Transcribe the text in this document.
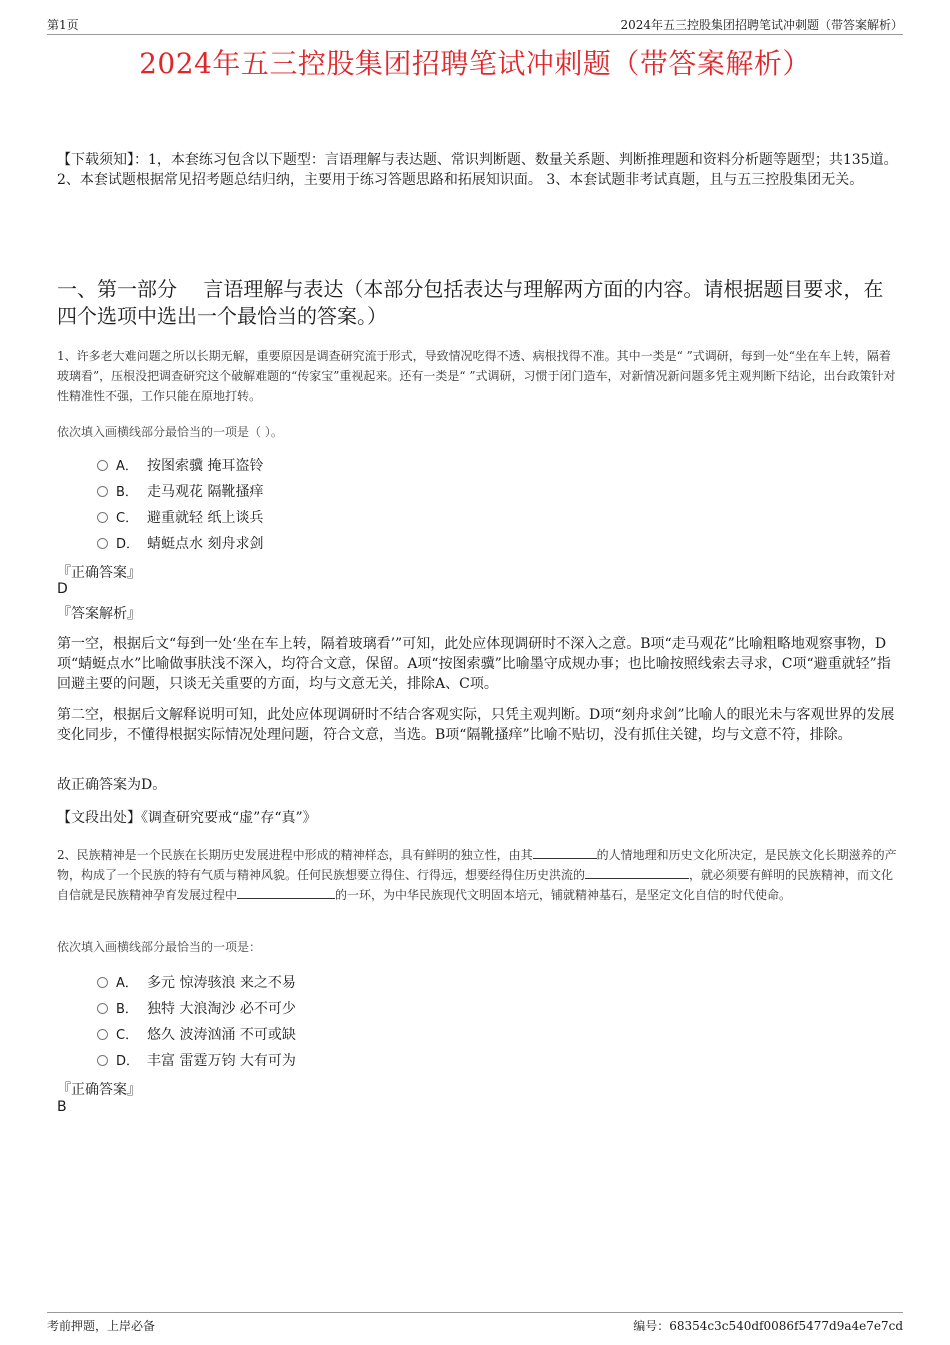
第1页	2024年五三控股集团招聘笔试冲刺题（带答案解析）
2024年五三控股集团招聘笔试冲刺题（带答案解析）
【下载须知】：1，本套练习包含以下题型：言语理解与表达题、常识判断题、数量关系题、判断推理题和资料分析题等题型；共135道。 2、本套试题根据常见招考题总结归纳，主要用于练习答题思路和拓展知识面。 3、本套试题非考试真题，且与五三控股集团无关。
一、第一部分　 言语理解与表达（本部分包括表达与理解两方面的内容。请根据题目要求，在四个选项中选出一个最恰当的答案。）
1、许多老大难问题之所以长期无解，重要原因是调查研究流于形式，导致情况吃得不透、病根找得不准。其中一类是“ ”式调研，每到一处“坐在车上转，隔着玻璃看”，压根没把调查研究这个破解难题的“传家宝”重视起来。还有一类是“ ”式调研，习惯于闭门造车，对新情况新问题多凭主观判断下结论，出台政策针对性精准性不强，工作只能在原地打转。
依次填入画横线部分最恰当的一项是（ ）。
A． 按图索骥 掩耳盗铃
B． 走马观花 隔靴搔痒
C． 避重就轻 纸上谈兵
D． 蜻蜓点水 刻舟求剑
『正确答案』
D
『答案解析』
第一空，根据后文“每到一处‘坐在车上转，隔着玻璃看’”可知，此处应体现调研时不深入之意。B项“走马观花”比喻粗略地观察事物，D项“蜻蜓点水”比喻做事肤浅不深入，均符合文意，保留。A项“按图索骥”比喻墨守成规办事；也比喻按照线索去寻求，C项“避重就轻”指回避主要的问题，只谈无关重要的方面，均与文意无关，排除A、C项。
第二空，根据后文解释说明可知，此处应体现调研时不结合客观实际，只凭主观判断。D项“刻舟求剑”比喻人的眼光未与客观世界的发展变化同步，不懂得根据实际情况处理问题，符合文意，当选。B项“隔靴搔痒”比喻不贴切，没有抓住关键，均与文意不符，排除。
故正确答案为D。
【文段出处】《调查研究要戒“虚”存“真”》
2、民族精神是一个民族在长期历史发展进程中形成的精神样态，具有鲜明的独立性，由其	的人情地理和历史文化所决定，是民族文化长期滋养的产物，构成了一个民族的特有气质与精神风貌。任何民族想要立得住、行得远，想要经得住历史洪流的	，就必须要有鲜明的民族精神，而文化自信就是民族精神孕育发展过程中	的一环，为中华民族现代文明固本培元，铺就精神基石，是坚定文化自信的时代使命。
依次填入画横线部分最恰当的一项是：
A． 多元 惊涛骇浪 来之不易
B． 独特 大浪淘沙 必不可少
C． 悠久 波涛汹涌 不可或缺
D． 丰富 雷霆万钧 大有可为
『正确答案』
B
考前押题，上岸必备	编号：68354c3c540df0086f5477d9a4e7e7cd
